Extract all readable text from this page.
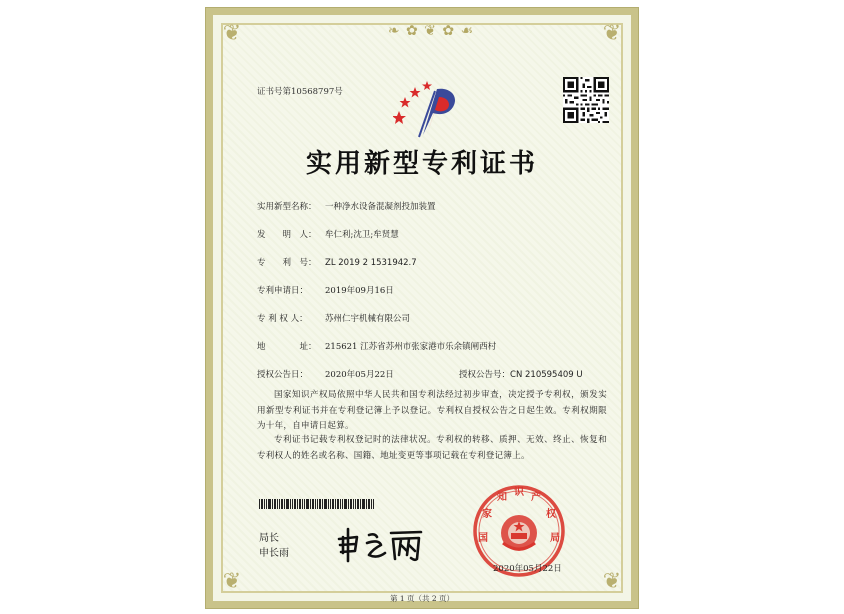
❦	❦
❦	❦
❧ ✿ ❦ ✿ ☙
证书号第10568797号
实用新型专利证书
实用新型名称： 一种净水设备混凝剂投加装置
发　　明　人： 牟仁利;沈卫;牟贤慧
专　　利　号： ZL 2019 2 1531942.7
专利申请日： 2019年09月16日
专 利 权 人： 苏州仁宇机械有限公司
地　　　　址： 215621 江苏省苏州市张家港市乐余镇闸西村
授权公告日： 2020年05月22日	授权公告号：CN 210595409 U
国家知识产权局依照中华人民共和国专利法经过初步审查，决定授予专利权，颁发实用新型专利证书并在专利登记簿上予以登记。专利权自授权公告之日起生效。专利权期限为十年，自申请日起算。
专利证书记载专利权登记时的法律状况。专利权的转移、质押、无效、终止、恢复和专利权人的姓名或名称、国籍、地址变更等事项记载在专利登记簿上。
局长
申长雨
国
家
知 识 产
权
局
2020年05月22日
第 1 页（共 2 页）
